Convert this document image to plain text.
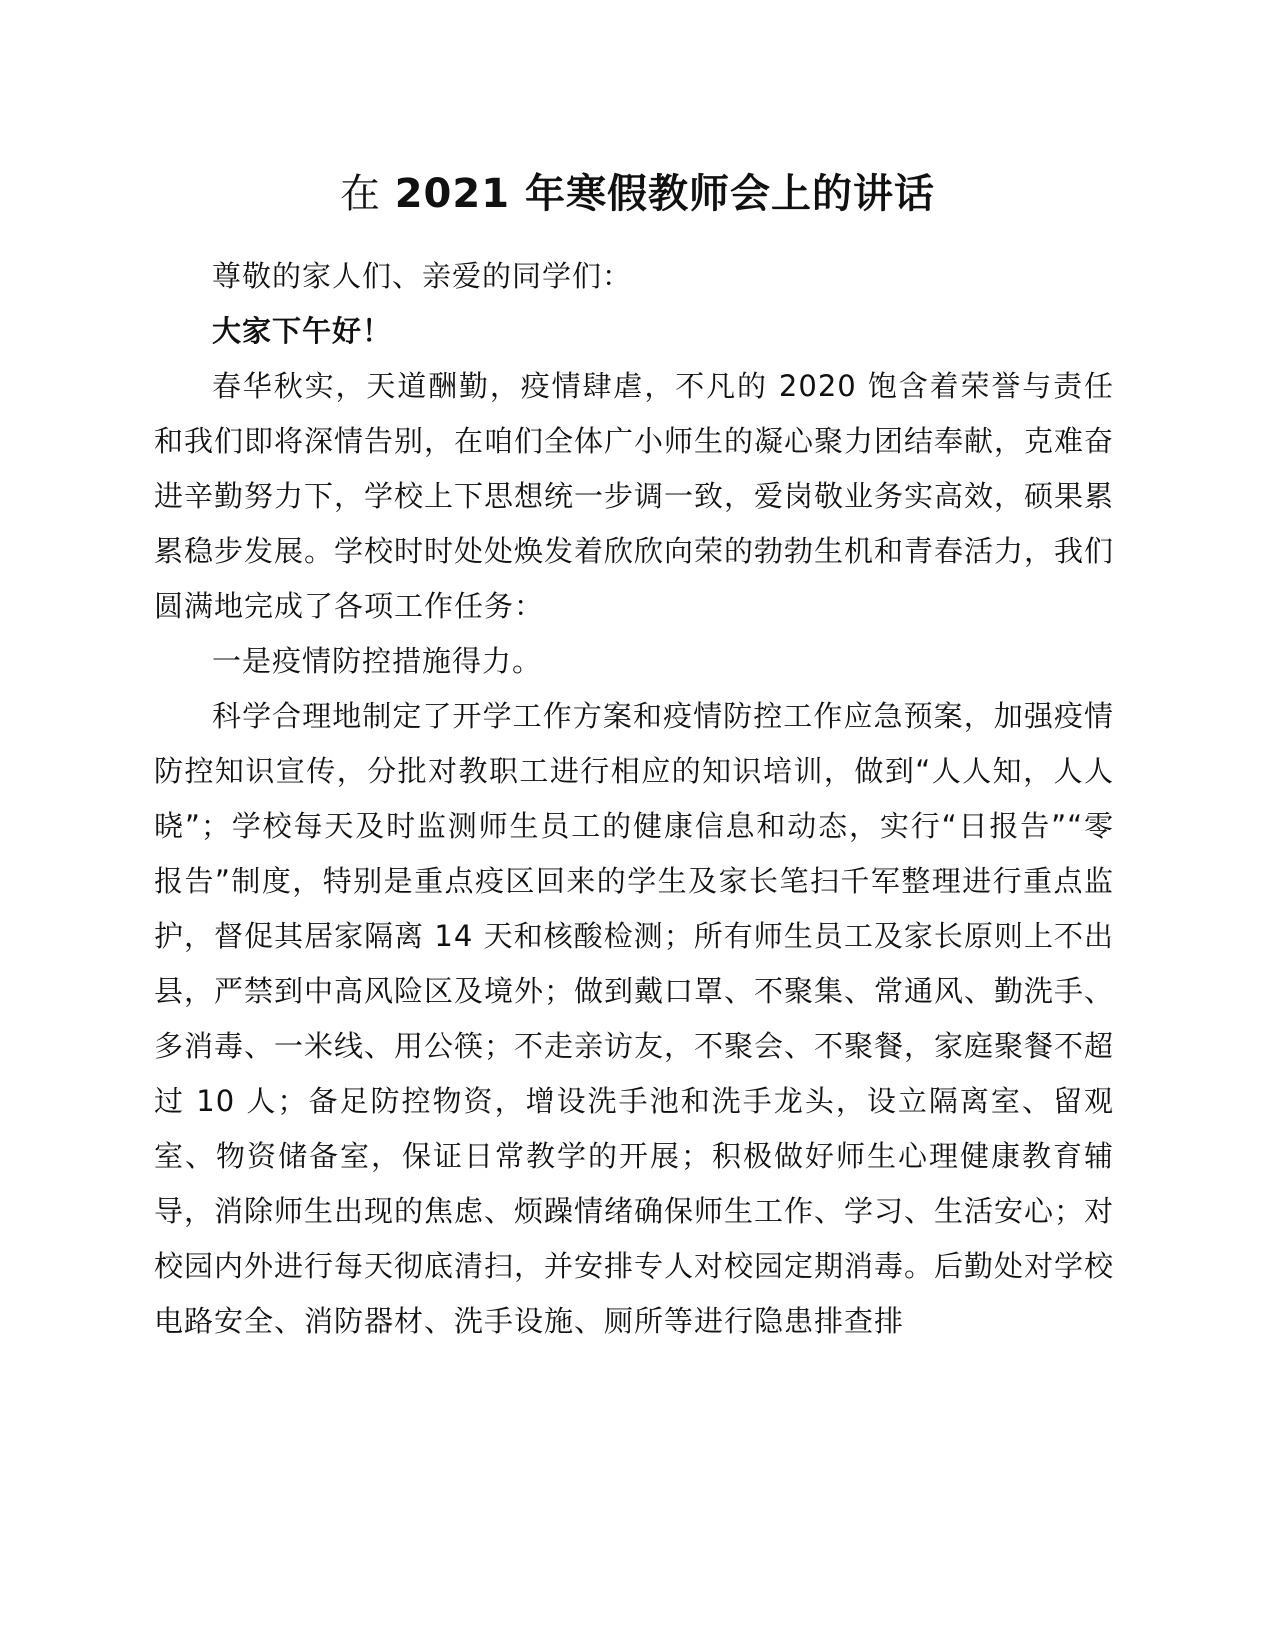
在 2021 年寒假教师会上的讲话

尊敬的家人们、亲爱的同学们：

大家下午好！

春华秋实，天道酬勤，疫情肆虐，不凡的 2020 饱含着荣誉与责任和我们即将深情告别，在咱们全体广小师生的凝心聚力团结奉献，克难奋进辛勤努力下，学校上下思想统一步调一致，爱岗敬业务实高效，硕果累累稳步发展。学校时时处处焕发着欣欣向荣的勃勃生机和青春活力，我们圆满地完成了各项工作任务：

一是疫情防控措施得力。

科学合理地制定了开学工作方案和疫情防控工作应急预案，加强疫情防控知识宣传，分批对教职工进行相应的知识培训，做到“人人知，人人晓”；学校每天及时监测师生员工的健康信息和动态，实行“日报告”“零报告”制度，特别是重点疫区回来的学生及家长笔扫千军整理进行重点监护，督促其居家隔离 14 天和核酸检测；所有师生员工及家长原则上不出县，严禁到中高风险区及境外；做到戴口罩、不聚集、常通风、勤洗手、多消毒、一米线、用公筷；不走亲访友，不聚会、不聚餐，家庭聚餐不超过 10 人；备足防控物资，增设洗手池和洗手龙头，设立隔离室、留观室、物资储备室，保证日常教学的开展；积极做好师生心理健康教育辅导，消除师生出现的焦虑、烦躁情绪确保师生工作、学习、生活安心；对校园内外进行每天彻底清扫，并安排专人对校园定期消毒。后勤处对学校电路安全、消防器材、洗手设施、厕所等进行隐患排查排
